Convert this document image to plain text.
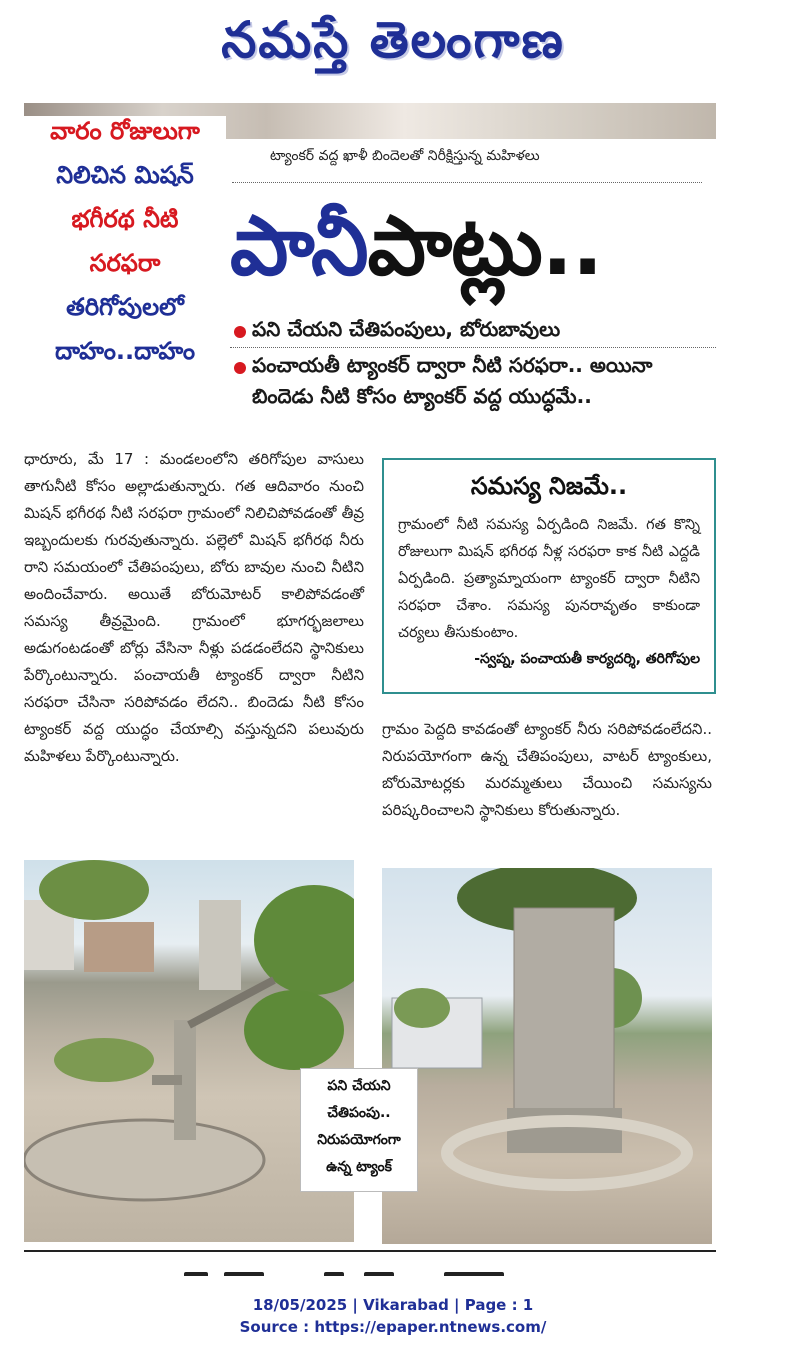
నమస్తే తెలంగాణ
వారం రోజులుగా
నిలిచిన మిషన్
భగీరథ నీటి
సరఫరా
తరిగోపులలో
దాహం..దాహం
ట్యాంకర్ వద్ద ఖాళీ బిందెలతో నిరీక్షిస్తున్న మహిళలు
పానీపాట్లు..
పని చేయని చేతిపంపులు, బోరుబావులు
పంచాయతీ ట్యాంకర్ ద్వారా నీటి సరఫరా.. అయినా
బిందెడు నీటి కోసం ట్యాంకర్ వద్ద యుద్ధమే..
ధారూరు, మే 17 : మండలంలోని తరిగోపుల వాసులు తాగునీటి కోసం అల్లాడుతున్నారు. గత ఆదివారం నుంచి మిషన్ భగీరథ నీటి సరఫరా గ్రామంలో నిలిచిపోవడంతో తీవ్ర ఇబ్బందులకు గురవుతున్నారు. పల్లెలో మిషన్ భగీరథ నీరు రాని సమయంలో చేతిపంపులు, బోరు బావుల నుంచి నీటిని అందించేవారు. అయితే బోరుమోటర్ కాలిపోవడంతో సమస్య తీవ్రమైంది. గ్రామంలో భూగర్భజలాలు అడుగంటడంతో బోర్లు వేసినా నీళ్లు పడడంలేదని స్థానికులు పేర్కొంటున్నారు. పంచాయతీ ట్యాంకర్ ద్వారా నీటిని సరఫరా చేసినా సరిపోవడం లేదని.. బిందెడు నీటి కోసం ట్యాంకర్ వద్ద యుద్ధం చేయాల్సి వస్తున్నదని పలువురు మహిళలు పేర్కొంటున్నారు.
సమస్య నిజమే..
గ్రామంలో నీటి సమస్య ఏర్పడింది నిజమే. గత కొన్ని రోజులుగా మిషన్ భగీరథ నీళ్ల సరఫరా కాక నీటి ఎద్దడి ఏర్పడింది. ప్రత్యామ్నాయంగా ట్యాంకర్ ద్వారా నీటిని సరఫరా చేశాం. సమస్య పునరావృతం కాకుండా చర్యలు తీసుకుంటాం.
-స్వప్న, పంచాయతీ కార్యదర్శి, తరిగోపుల
గ్రామం పెద్దది కావడంతో ట్యాంకర్ నీరు సరిపోవడంలేదని.. నిరుపయోగంగా ఉన్న చేతిపంపులు, వాటర్ ట్యాంకులు, బోరుమోటర్లకు మరమ్మతులు చేయించి సమస్యను పరిష్కరించాలని స్థానికులు కోరుతున్నారు.
పని చేయని
చేతిపంపు..
నిరుపయోగంగా
ఉన్న ట్యాంక్
18/05/2025 | Vikarabad | Page : 1
Source : https://epaper.ntnews.com/
